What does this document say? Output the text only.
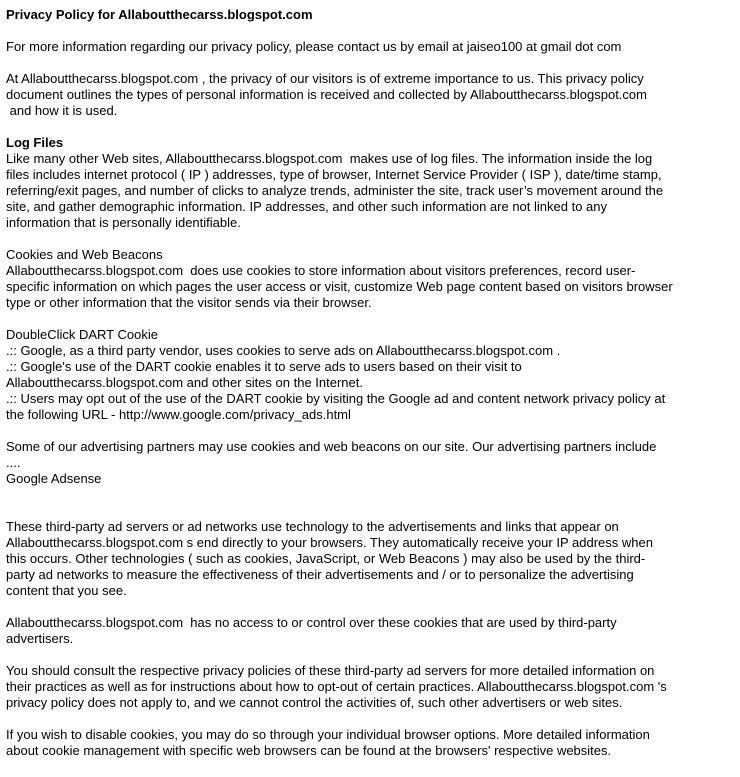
Privacy Policy for Allaboutthecarss.blogspot.com
For more information regarding our privacy policy, please contact us by email at jaiseo100 at gmail dot com
At Allaboutthecarss.blogspot.com , the privacy of our visitors is of extreme importance to us. This privacy policy
document outlines the types of personal information is received and collected by Allaboutthecarss.blogspot.com
and how it is used.
Log Files
Like many other Web sites, Allaboutthecarss.blogspot.com  makes use of log files. The information inside the log
files includes internet protocol ( IP ) addresses, type of browser, Internet Service Provider ( ISP ), date/time stamp,
referring/exit pages, and number of clicks to analyze trends, administer the site, track user’s movement around the
site, and gather demographic information. IP addresses, and other such information are not linked to any
information that is personally identifiable.
Cookies and Web Beacons
Allaboutthecarss.blogspot.com  does use cookies to store information about visitors preferences, record user-
specific information on which pages the user access or visit, customize Web page content based on visitors browser
type or other information that the visitor sends via their browser.
DoubleClick DART Cookie
.:: Google, as a third party vendor, uses cookies to serve ads on Allaboutthecarss.blogspot.com .
.:: Google's use of the DART cookie enables it to serve ads to users based on their visit to
Allaboutthecarss.blogspot.com and other sites on the Internet.
.:: Users may opt out of the use of the DART cookie by visiting the Google ad and content network privacy policy at
the following URL - http://www.google.com/privacy_ads.html
Some of our advertising partners may use cookies and web beacons on our site. Our advertising partners include
....
Google Adsense
These third-party ad servers or ad networks use technology to the advertisements and links that appear on
Allaboutthecarss.blogspot.com s end directly to your browsers. They automatically receive your IP address when
this occurs. Other technologies ( such as cookies, JavaScript, or Web Beacons ) may also be used by the third-
party ad networks to measure the effectiveness of their advertisements and / or to personalize the advertising
content that you see.
Allaboutthecarss.blogspot.com  has no access to or control over these cookies that are used by third-party
advertisers.
You should consult the respective privacy policies of these third-party ad servers for more detailed information on
their practices as well as for instructions about how to opt-out of certain practices. Allaboutthecarss.blogspot.com 's
privacy policy does not apply to, and we cannot control the activities of, such other advertisers or web sites.
If you wish to disable cookies, you may do so through your individual browser options. More detailed information
about cookie management with specific web browsers can be found at the browsers' respective websites.
